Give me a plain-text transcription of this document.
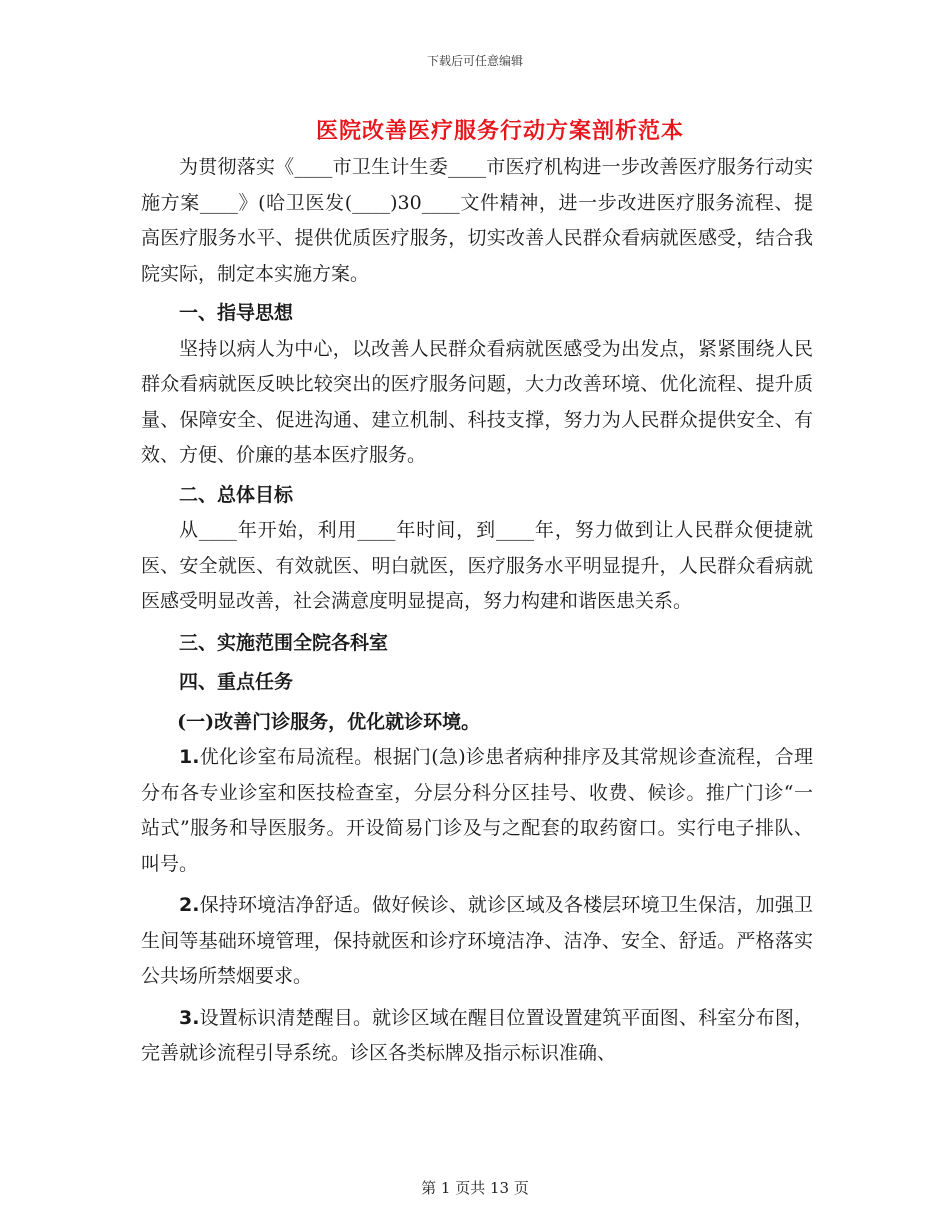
下载后可任意编辑
医院改善医疗服务行动方案剖析范本

为贯彻落实《____市卫生计生委____市医疗机构进一步改善医疗服务行动实施方案____》(哈卫医发(____)30____文件精神，进一步改进医疗服务流程、提高医疗服务水平、提供优质医疗服务，切实改善人民群众看病就医感受，结合我院实际，制定本实施方案。

一、指导思想

坚持以病人为中心，以改善人民群众看病就医感受为出发点，紧紧围绕人民群众看病就医反映比较突出的医疗服务问题，大力改善环境、优化流程、提升质量、保障安全、促进沟通、建立机制、科技支撑，努力为人民群众提供安全、有效、方便、价廉的基本医疗服务。

二、总体目标

从____年开始，利用____年时间，到____年，努力做到让人民群众便捷就医、安全就医、有效就医、明白就医，医疗服务水平明显提升，人民群众看病就医感受明显改善，社会满意度明显提高，努力构建和谐医患关系。

三、实施范围全院各科室

四、重点任务

(一)改善门诊服务，优化就诊环境。

1.优化诊室布局流程。根据门(急)诊患者病种排序及其常规诊查流程，合理分布各专业诊室和医技检查室，分层分科分区挂号、收费、候诊。推广门诊“一站式”服务和导医服务。开设简易门诊及与之配套的取药窗口。实行电子排队、叫号。

2.保持环境洁净舒适。做好候诊、就诊区域及各楼层环境卫生保洁，加强卫生间等基础环境管理，保持就医和诊疗环境洁净、洁净、安全、舒适。严格落实公共场所禁烟要求。

3.设置标识清楚醒目。就诊区域在醒目位置设置建筑平面图、科室分布图，完善就诊流程引导系统。诊区各类标牌及指示标识准确、

第 1 页共 13 页
